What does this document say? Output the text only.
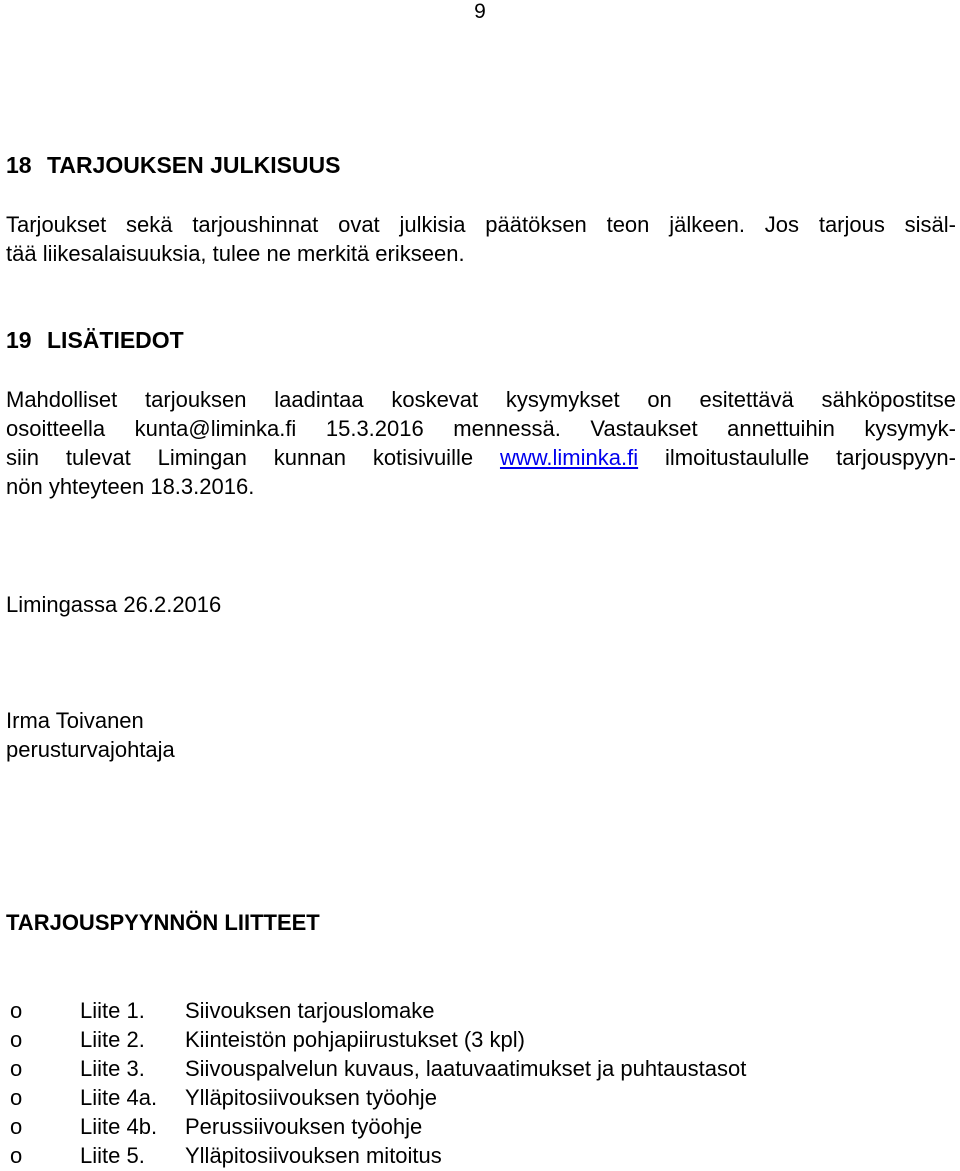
9
18 TARJOUKSEN JULKISUUS
Tarjoukset sekä tarjoushinnat ovat julkisia päätöksen teon jälkeen. Jos tarjous sisäl-
tää liikesalaisuuksia, tulee ne merkitä erikseen.
19 LISÄTIEDOT
Mahdolliset tarjouksen laadintaa koskevat kysymykset on esitettävä sähköpostitse
osoitteella kunta@liminka.fi 15.3.2016 mennessä. Vastaukset annettuihin kysymyk-
siin tulevat Limingan kunnan kotisivuille www.liminka.fi ilmoitustaululle tarjouspyyn-
nön yhteyteen 18.3.2016.
Limingassa 26.2.2016
Irma Toivanen
perusturvajohtaja
TARJOUSPYYNNÖN LIITTEET
o	Liite 1.	Siivouksen tarjouslomake
o	Liite 2.	Kiinteistön pohjapiirustukset (3 kpl)
o	Liite 3.	Siivouspalvelun kuvaus, laatuvaatimukset ja puhtaustasot
o	Liite 4a.	Ylläpitosiivouksen työohje
o	Liite 4b.	Perussiivouksen työohje
o	Liite 5.	Ylläpitosiivouksen mitoitus
